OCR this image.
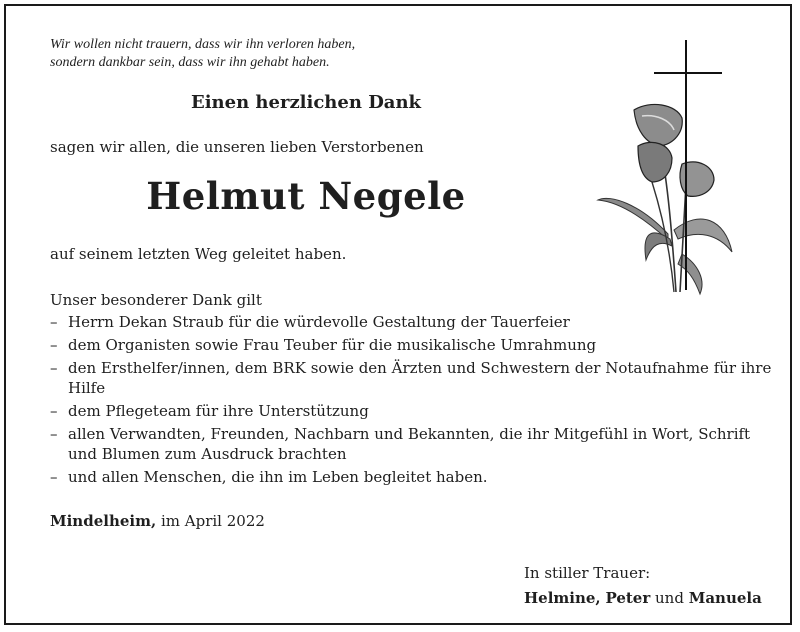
Wir wollen nicht trauern, dass wir ihn verloren haben,
sondern dankbar sein, dass wir ihn gehabt haben.
Einen herzlichen Dank
sagen wir allen, die unseren lieben Verstorbenen
Helmut Negele
auf seinem letzten Weg geleitet haben.
Unser besonderer Dank gilt
– Herrn Dekan Straub für die würdevolle Gestaltung der Tauerfeier
– dem Organisten sowie Frau Teuber für die musikalische Umrahmung
– den Ersthelfer/innen, dem BRK sowie den Ärzten und Schwestern der Notaufnahme für ihre Hilfe
– dem Pflegeteam für ihre Unterstützung
– allen Verwandten, Freunden, Nachbarn und Bekannten, die ihr Mitgefühl in Wort, Schrift und Blumen zum Ausdruck brachten
– und allen Menschen, die ihn im Leben begleitet haben.
Mindelheim, im April 2022
In stiller Trauer:
Helmine, Peter und Manuela
